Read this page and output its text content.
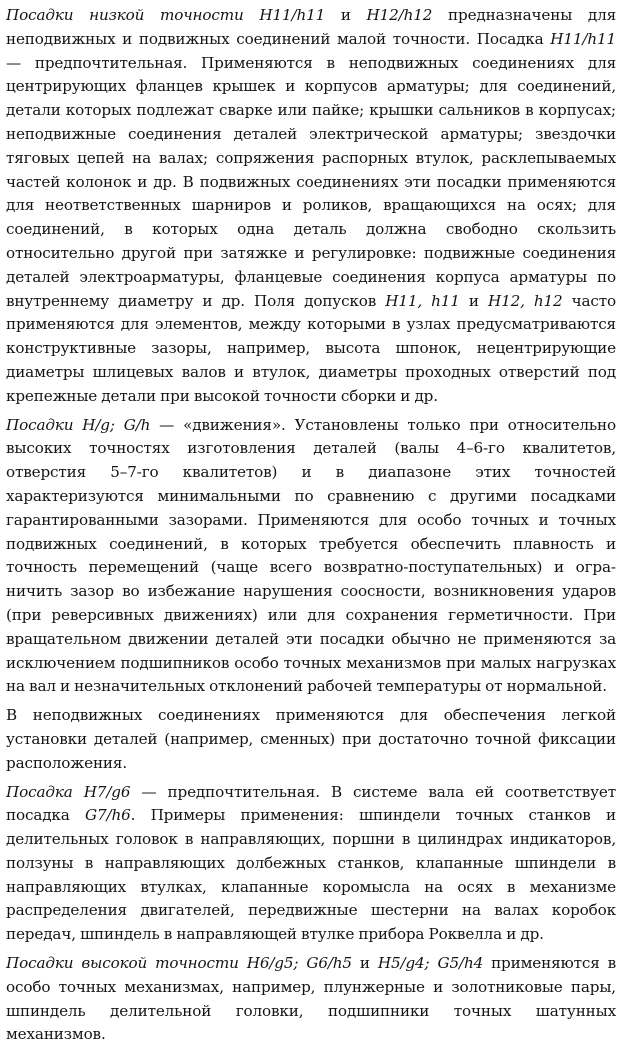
Посадки низкой точности H11/h11 и H12/h12 предназначены для неподвижных и подвижных соединений малой точности. Посадка H11/h11 — предпочтительная. Применяются в неподвижных соединениях для центрирующих фланцев крышек и корпусов арматуры; для соединений, детали которых подлежат сварке или пайке; крышки сальников в корпусах; неподвижные соединения деталей электрической арматуры; звездочки тяговых цепей на валах; сопряжения распорных втулок, расклепываемых частей колонок и др. В подвижных соединениях эти посадки применяются для неответственных шарниров и роликов, вращающихся на осях; для соединений, в которых одна деталь должна свободно скользить относительно другой при затяжке и регулировке: подвижные соединения деталей электроарматуры, фланцевые соединения корпуса арматуры по внутреннему диаметру и др. Поля допусков H11, h11 и H12, h12 часто применяются для элементов, между которыми в узлах предусматриваются конструктивные зазоры, например, высота шпонок, нецентрирующие диаметры шлицевых валов и втулок, диаметры проходных отверстий под крепежные детали при высокой точности сборки и др.

Посадки H/g; G/h — «движения». Установлены только при относительно высоких точностях изготовления деталей (валы 4–6-го квалитетов, отверстия 5–7-го квалитетов) и в диапазоне этих точностей характеризуются минимальными по сравнению с другими посадками гарантированными зазорами. Применяются для особо точных и точных подвижных соединений, в которых требуется обеспечить плавность и точность перемещений (чаще всего возвратно-поступательных) и ограничить зазор во избежание нарушения соосности, возникновения ударов (при реверсивных движениях) или для сохранения герметичности. При вращательном движении деталей эти посадки обычно не применяются за исключением подшипников особо точных механизмов при малых нагрузках на вал и незначительных отклонений рабочей температуры от нормальной.

В неподвижных соединениях применяются для обеспечения легкой установки деталей (например, сменных) при достаточно точной фиксации расположения.

Посадка H7/g6 — предпочтительная. В системе вала ей соответствует посадка G7/h6. Примеры применения: шпиндели точных станков и делительных головок в направляющих, поршни в цилиндрах индикаторов, ползуны в направляющих долбежных станков, клапанные шпиндели в направляющих втулках, клапанные коромысла на осях в механизме распределения двигателей, передвижные шестерни на валах коробок передач, шпиндель в направляющей втулке прибора Роквелла и др.

Посадки высокой точности H6/g5; G6/h5 и H5/g4; G5/h4 применяются в особо точных механизмах, например, плунжерные и золотниковые пары, шпиндель делительной головки, подшипники точных шатунных механизмов.
